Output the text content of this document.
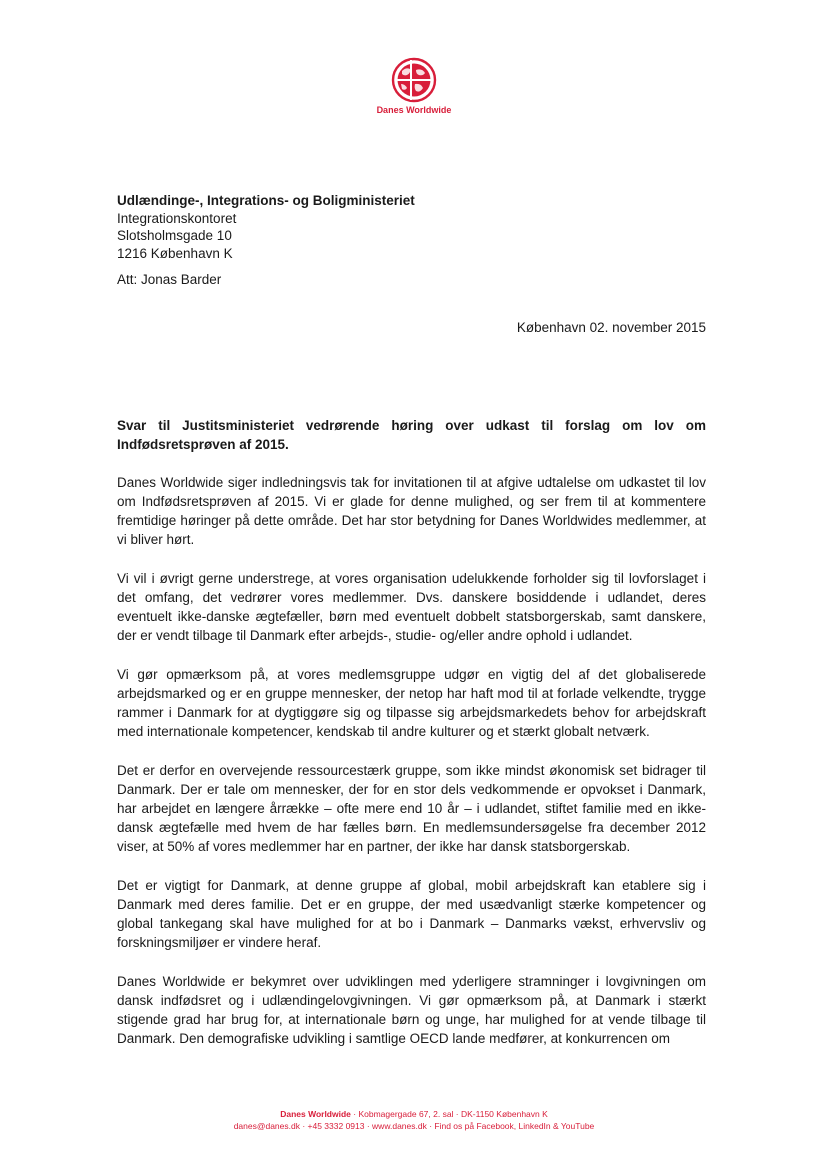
Danes Worldwide
Udlændinge-, Integrations- og Boligministeriet
Integrationskontoret
Slotsholmsgade 10
1216 København K
Att: Jonas Barder
København 02. november 2015
Svar til Justitsministeriet vedrørende høring over udkast til forslag om lov om Indfødsretsprøven af 2015.

Danes Worldwide siger indledningsvis tak for invitationen til at afgive udtalelse om udkastet til lov om Indfødsretsprøven af 2015. Vi er glade for denne mulighed, og ser frem til at kommentere fremtidige høringer på dette område. Det har stor betydning for Danes Worldwides medlemmer, at vi bliver hørt.

Vi vil i øvrigt gerne understrege, at vores organisation udelukkende forholder sig til lovforslaget i det omfang, det vedrører vores medlemmer. Dvs. danskere bosiddende i udlandet, deres eventuelt ikke-danske ægtefæller, børn med eventuelt dobbelt statsborgerskab, samt danskere, der er vendt tilbage til Danmark efter arbejds-, studie- og/eller andre ophold i udlandet.

Vi gør opmærksom på, at vores medlemsgruppe udgør en vigtig del af det globaliserede arbejdsmarked og er en gruppe mennesker, der netop har haft mod til at forlade velkendte, trygge rammer i Danmark for at dygtiggøre sig og tilpasse sig arbejdsmarkedets behov for arbejdskraft med internationale kompetencer, kendskab til andre kulturer og et stærkt globalt netværk.

Det er derfor en overvejende ressourcestærk gruppe, som ikke mindst økonomisk set bidrager til Danmark. Der er tale om mennesker, der for en stor dels vedkommende er opvokset i Danmark, har arbejdet en længere årrække – ofte mere end 10 år – i udlandet, stiftet familie med en ikke-dansk ægtefælle med hvem de har fælles børn. En medlemsundersøgelse fra december 2012 viser, at 50% af vores medlemmer har en partner, der ikke har dansk statsborgerskab.

Det er vigtigt for Danmark, at denne gruppe af global, mobil arbejdskraft kan etablere sig i Danmark med deres familie. Det er en gruppe, der med usædvanligt stærke kompetencer og global tankegang skal have mulighed for at bo i Danmark – Danmarks vækst, erhvervsliv og forskningsmiljøer er vindere heraf.

Danes Worldwide er bekymret over udviklingen med yderligere stramninger i lovgivningen om dansk indfødsret og i udlændingelovgivningen. Vi gør opmærksom på, at Danmark i stærkt stigende grad har brug for, at internationale børn og unge, har mulighed for at vende tilbage til Danmark. Den demografiske udvikling i samtlige OECD lande medfører, at konkurrencen om

Danes Worldwide · Kobmagergade 67, 2. sal · DK-1150 København K
danes@danes.dk · +45 3332 0913 · www.danes.dk · Find os på Facebook, LinkedIn & YouTube
